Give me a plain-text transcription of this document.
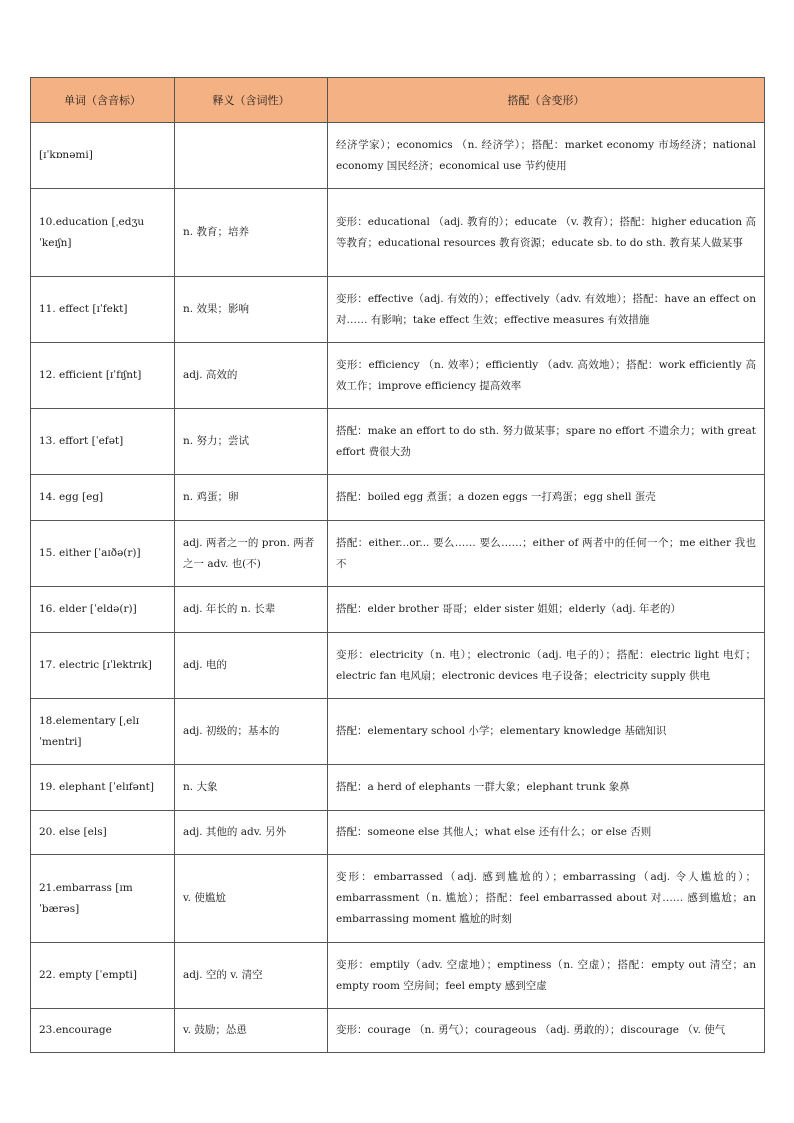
单词（含音标）	释义（含词性）	搭配（含变形）
[ɪˈkɒnəmi]		经济学家）；economics （n. 经济学）；搭配：market economy 市场经济；national economy 国民经济；economical use 节约使用
10.education [ˌedʒuˈkeɪʃn]	n. 教育；培养	变形：educational （adj. 教育的）；educate （v. 教育）；搭配：higher education 高等教育；educational resources 教育资源；educate sb. to do sth. 教育某人做某事
11. effect [ɪˈfekt]	n. 效果；影响	变形：effective（adj. 有效的）；effectively（adv. 有效地）；搭配：have an effect on 对…… 有影响；take effect 生效；effective measures 有效措施
12. efficient [ɪˈfɪʃnt]	adj. 高效的	变形：efficiency （n. 效率）；efficiently （adv. 高效地）；搭配：work efficiently 高效工作；improve efficiency 提高效率
13. effort [ˈefət]	n. 努力；尝试	搭配：make an effort to do sth. 努力做某事；spare no effort 不遗余力；with great effort 费很大劲
14. egg [eg]	n. 鸡蛋；卵	搭配：boiled egg 煮蛋；a dozen eggs 一打鸡蛋；egg shell 蛋壳
15. either [ˈaɪðə(r)]	adj. 两者之一的 pron. 两者之一 adv. 也(不)	搭配：either...or... 要么…… 要么……；either of 两者中的任何一个；me either 我也不
16. elder [ˈeldə(r)]	adj. 年长的 n. 长辈	搭配：elder brother 哥哥；elder sister 姐姐；elderly（adj. 年老的）
17. electric [ɪˈlektrɪk]	adj. 电的	变形：electricity（n. 电）；electronic（adj. 电子的）；搭配：electric light 电灯；electric fan 电风扇；electronic devices 电子设备；electricity supply 供电
18.elementary [ˌelɪˈmentri]	adj. 初级的；基本的	搭配：elementary school 小学；elementary knowledge 基础知识
19. elephant [ˈelɪfənt]	n. 大象	搭配：a herd of elephants 一群大象；elephant trunk 象鼻
20. else [els]	adj. 其他的 adv. 另外	搭配：someone else 其他人；what else 还有什么；or else 否则
21.embarrass [ɪmˈbærəs]	v. 使尴尬	变形：embarrassed（adj. 感到尴尬的）；embarrassing（adj. 令人尴尬的）；embarrassment（n. 尴尬）；搭配：feel embarrassed about 对…… 感到尴尬；an embarrassing moment 尴尬的时刻
22. empty [ˈempti]	adj. 空的 v. 清空	变形：emptily（adv. 空虚地）；emptiness（n. 空虚）；搭配：empty out 清空；an empty room 空房间；feel empty 感到空虚
23.encourage	v. 鼓励；怂恿	变形：courage （n. 勇气）；courageous （adj. 勇敢的）；discourage （v. 使气
